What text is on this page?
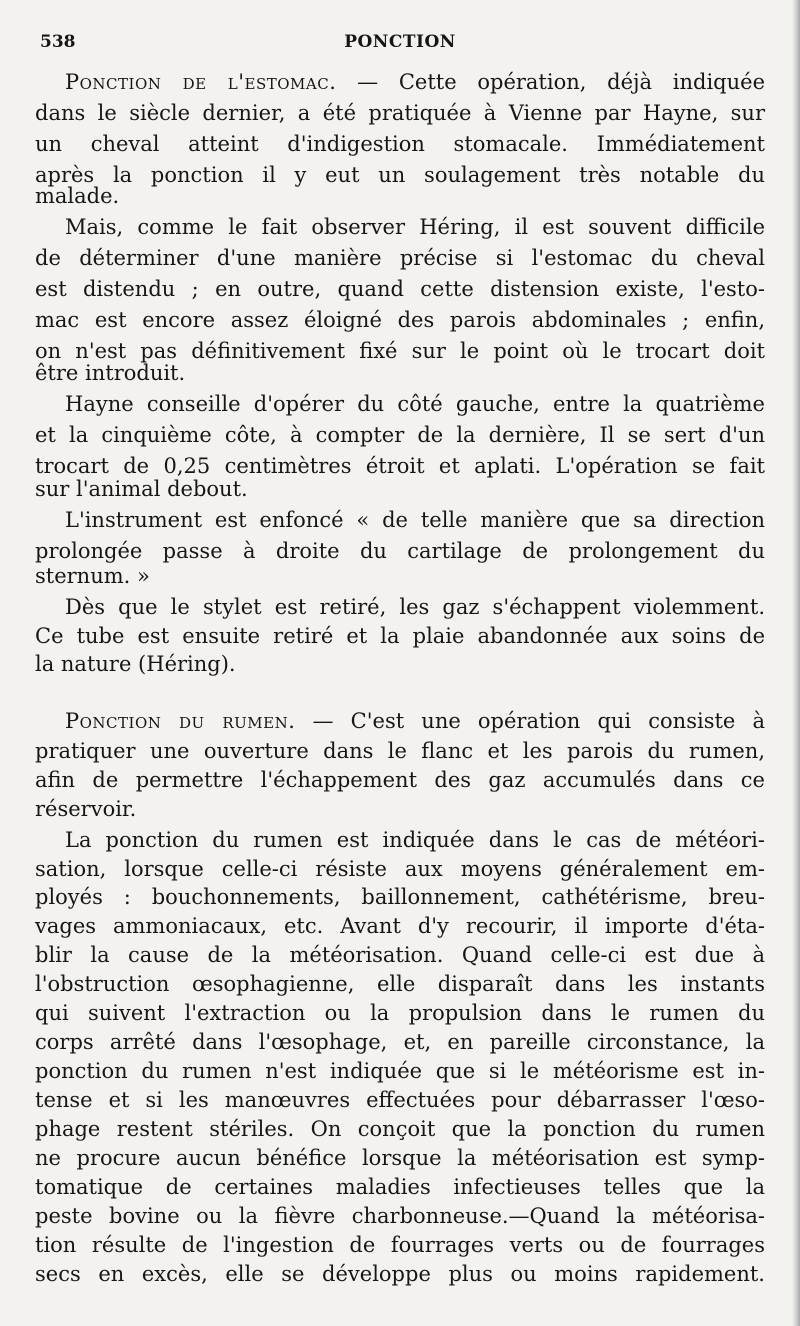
538	PONCTION
Ponction de l'estomac. — Cette opération, déjà indiquée
dans le siècle dernier, a été pratiquée à Vienne par Hayne, sur
un cheval atteint d'indigestion stomacale. Immédiatement
après la ponction il y eut un soulagement très notable du
malade.
Mais, comme le fait observer Héring, il est souvent difficile
de déterminer d'une manière précise si l'estomac du cheval
est distendu ; en outre, quand cette distension existe, l'esto-
mac est encore assez éloigné des parois abdominales ; enfin,
on n'est pas définitivement fixé sur le point où le trocart doit
être introduit.
Hayne conseille d'opérer du côté gauche, entre la quatrième
et la cinquième côte, à compter de la dernière, Il se sert d'un
trocart de 0,25 centimètres étroit et aplati. L'opération se fait
sur l'animal debout.
L'instrument est enfoncé « de telle manière que sa direction
prolongée passe à droite du cartilage de prolongement du
sternum. »
Dès que le stylet est retiré, les gaz s'échappent violemment.
Ce tube est ensuite retiré et la plaie abandonnée aux soins de
la nature (Héring).
Ponction du rumen. — C'est une opération qui consiste à
pratiquer une ouverture dans le flanc et les parois du rumen,
afin de permettre l'échappement des gaz accumulés dans ce
réservoir.
La ponction du rumen est indiquée dans le cas de météori-
sation, lorsque celle-ci résiste aux moyens généralement em-
ployés : bouchonnements, baillonnement, cathétérisme, breu-
vages ammoniacaux, etc. Avant d'y recourir, il importe d'éta-
blir la cause de la météorisation. Quand celle-ci est due à
l'obstruction œsophagienne, elle disparaît dans les instants
qui suivent l'extraction ou la propulsion dans le rumen du
corps arrêté dans l'œsophage, et, en pareille circonstance, la
ponction du rumen n'est indiquée que si le météorisme est in-
tense et si les manœuvres effectuées pour débarrasser l'œso-
phage restent stériles. On conçoit que la ponction du rumen
ne procure aucun bénéfice lorsque la météorisation est symp-
tomatique de certaines maladies infectieuses telles que la
peste bovine ou la fièvre charbonneuse.—Quand la météorisa-
tion résulte de l'ingestion de fourrages verts ou de fourrages
secs en excès, elle se développe plus ou moins rapidement.
